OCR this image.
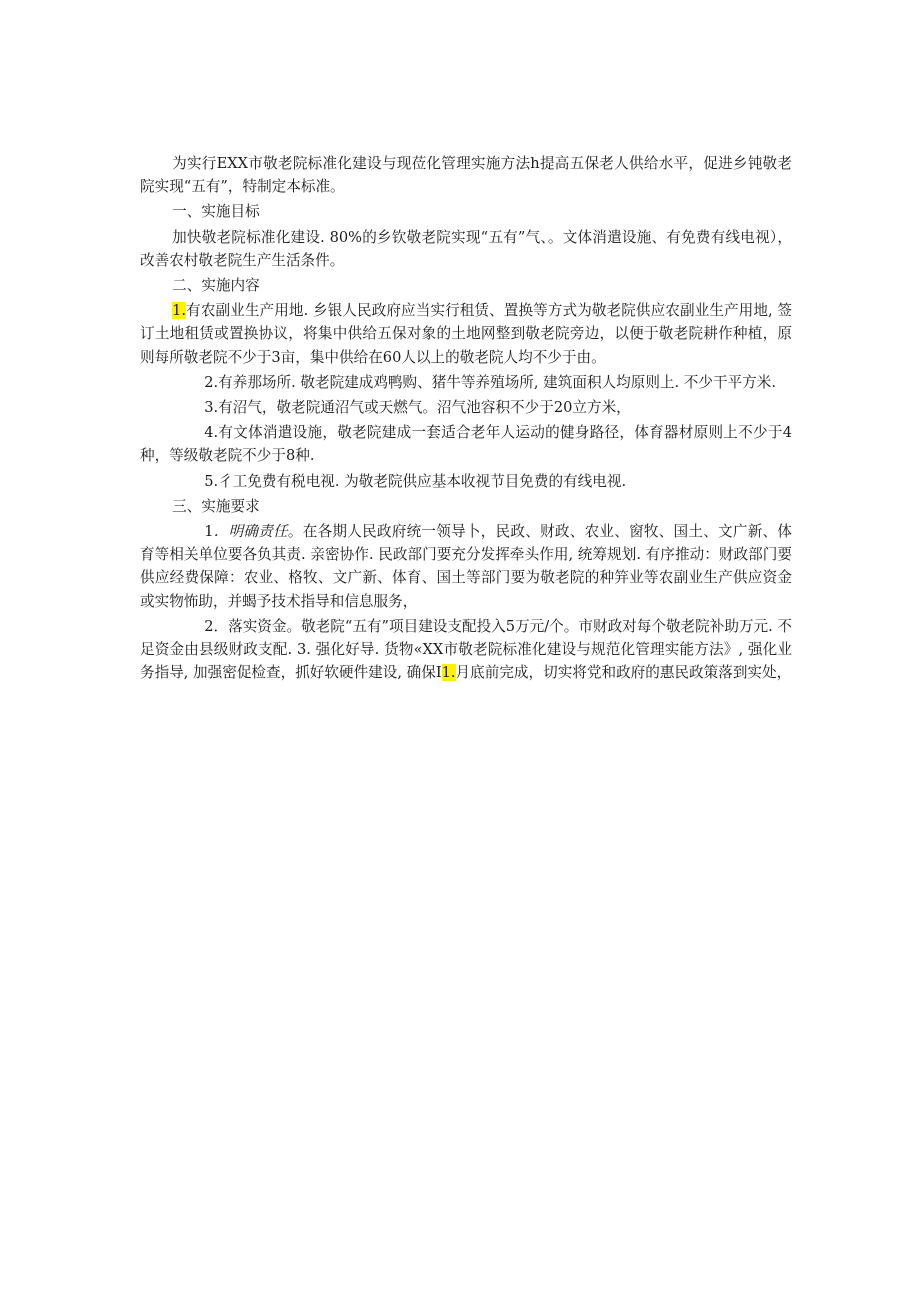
为实行EXX市敬老院标准化建设与现莅化管理实施方法h提高五保老人供给水平，促进乡钝敬老院实现“五有”，特制定本标准。

一、实施目标

加快敬老院标准化建设. 80%的乡钦敬老院实现“五有”气、。文体消遣设施、有免费有线电视），改善农村敬老院生产生活条件。

二、实施内容

1.有农副业生产用地. 乡银人民政府应当实行租赁、置换等方式为敬老院供应农副业生产用地, 签订土地租赁或置换协议，将集中供给五保对象的土地网整到敬老院旁边，以便于敬老院耕作种植，原则每所敬老院不少于3亩，集中供给在60人以上的敬老院人均不少于由。

2.有养那场所. 敬老院建成鸡鸭购、猪牛等养殖场所, 建筑面积人均原则上. 不少干平方米.

3.有沼气，敬老院通沼气或天燃气。沼气池容积不少于20立方米，

4.有文体消遣设施，敬老院建成一套适合老年人运动的健身路径，体育器材原则上不少于4种，等级敬老院不少于8种.

5.彳工免费有税电视. 为敬老院供应基本收视节目免费的有线电视.

三、实施要求

1．明确责任。在各期人民政府统一领导卜，民政、财政、农业、窗牧、国土、文广新、体育等相关单位要各负其责. 亲密协作. 民政部门要充分发挥牵头作用, 统筹规划. 有序推动：财政部门要供应经费保障：农业、格牧、文广新、体育、国土等部门要为敬老院的种笄业等农副业生产供应资金或实物怖助，并蝎予技术指导和信息服务，

2．落实资金。敬老院“五有”项目建设支配投入5万元/个。市财政对每个敬老院补助万元. 不足资金由县级财政支配. 3. 强化好导. 货物«XX市敬老院标准化建设与规范化管理实能方法》, 强化业务指导, 加强密促检查，抓好软硬件建设, 确保I1.月底前完成，切实将党和政府的惠民政策落到实处，
